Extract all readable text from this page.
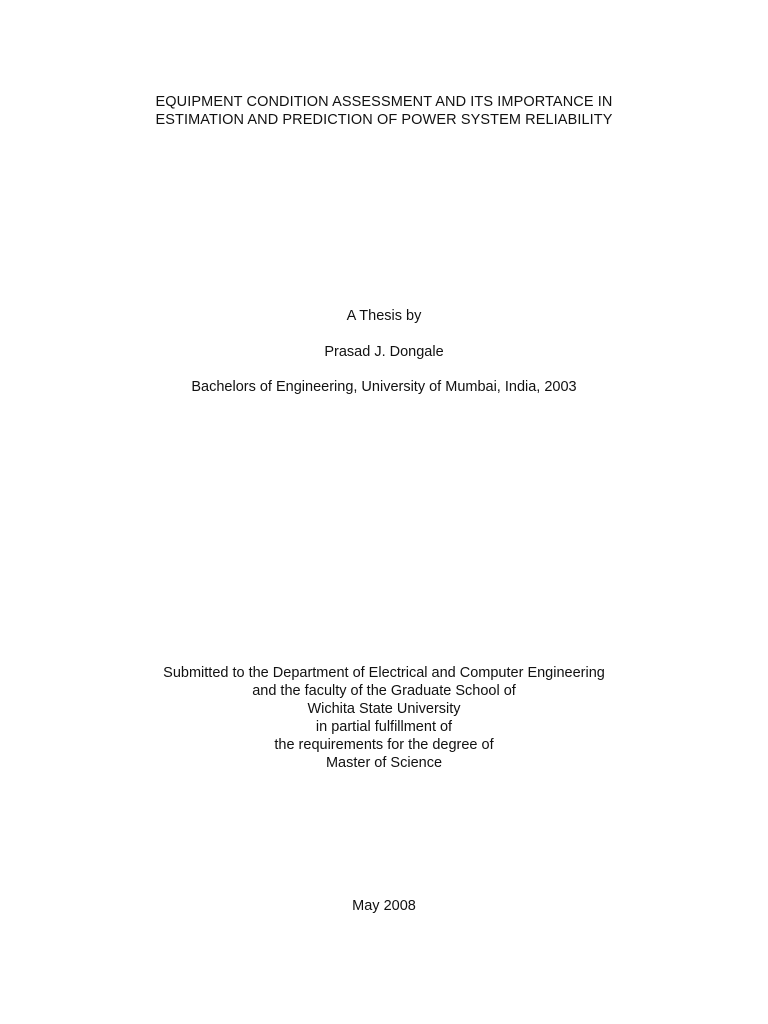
EQUIPMENT CONDITION ASSESSMENT AND ITS IMPORTANCE IN
ESTIMATION AND PREDICTION OF POWER SYSTEM RELIABILITY
A Thesis by
Prasad J. Dongale
Bachelors of Engineering, University of Mumbai, India, 2003
Submitted to the Department of Electrical and Computer Engineering
and the faculty of the Graduate School of
Wichita State University
in partial fulfillment of
the requirements for the degree of
Master of Science
May 2008
